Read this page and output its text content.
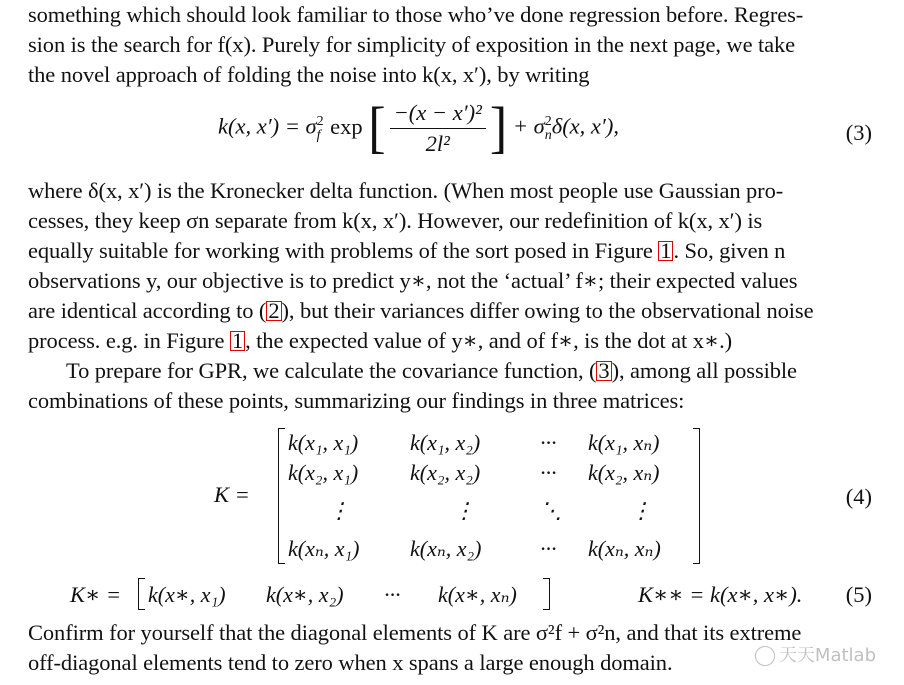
something which should look familiar to those who’ve done regression before. Regres-
sion is the search for f(x). Purely for simplicity of exposition in the next page, we take
the novel approach of folding the noise into k(x, x′), by writing
k(x, $x') = \sigma^2_f$ exp [ $\frac{\text{−(x − x′)²}}{\text{2l²}}$ ] + $\sigma^2_n\delta(x$, x′),	(3)
where δ(x, x′) is the Kronecker delta function. (When most people use Gaussian pro-
cesses, they keep σn separate from k(x, x′). However, our redefinition of k(x, x′) is
equally suitable for working with problems of the sort posed in Figure 1. So, given n
observations y, our objective is to predict y∗, not the ‘actual’ f∗; their expected values
are identical according to (2), but their variances differ owing to the observational noise
process. e.g. in Figure 1, the expected value of y∗, and of f∗, is the dot at x∗.)
To prepare for GPR, we calculate the covariance function, (3), among all possible
combinations of these points, summarizing our findings in three matrices:
K =
k(x₁, x₁) k(x₁, x₂)	··· k(x₁, xₙ)
k(x₂, x₁) k(x₂, x₂)	··· k(x₂, xₙ)
⋮	⋮	⋱	⋮
k(xₙ, x₁) k(xₙ, x₂)	··· k(xₙ, xₙ)
(4)
K∗ = k(x∗, x₁) k(x∗, x₂) ··· k(x∗, xₙ)	K∗∗ = k(x∗, x∗). (5)
Confirm for yourself that the diagonal elements of K are σ²f + σ²n, and that its extreme
off-diagonal elements tend to zero when x spans a large enough domain.	天天Matlab
